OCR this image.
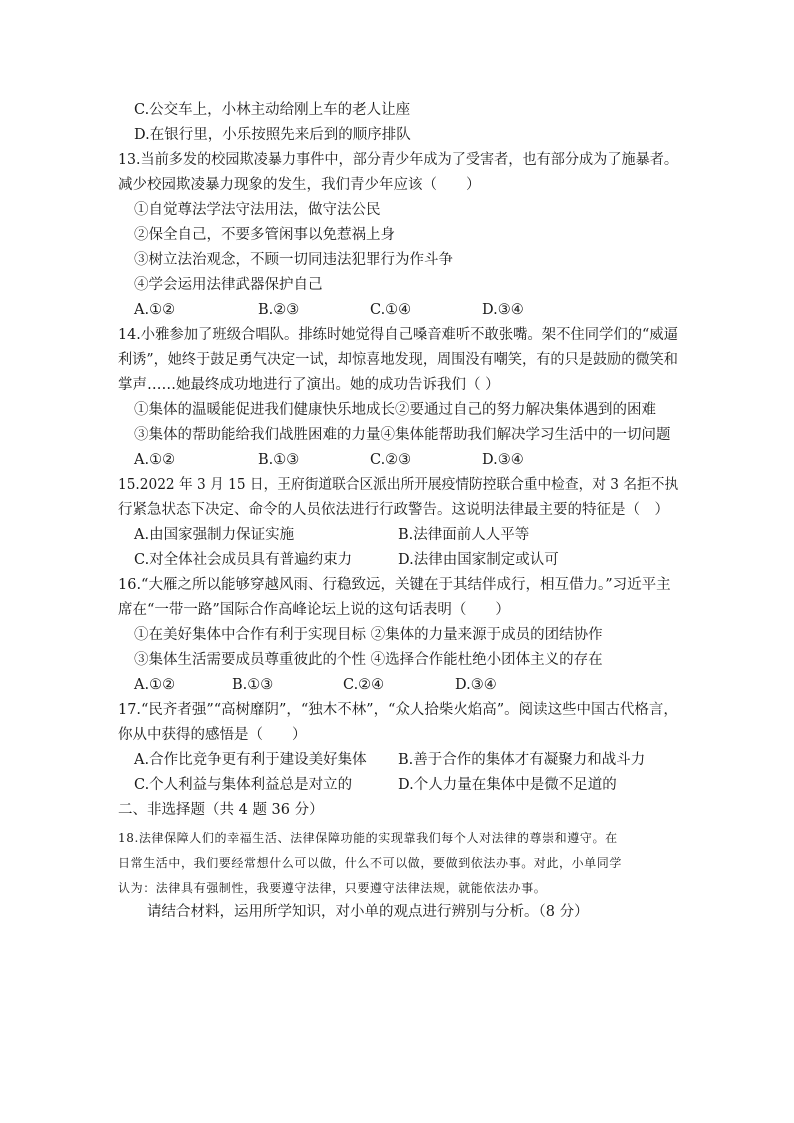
C.公交车上，小林主动给刚上车的老人让座
D.在银行里，小乐按照先来后到的顺序排队
13.当前多发的校园欺凌暴力事件中，部分青少年成为了受害者，也有部分成为了施暴者。
减少校园欺凌暴力现象的发生，我们青少年应该（　　）
①自觉尊法学法守法用法，做守法公民
②保全自己，不要多管闲事以免惹祸上身
③树立法治观念，不顾一切同违法犯罪行为作斗争
④学会运用法律武器保护自己
A.①②	B.②③	C.①④	D.③④
14.小雅参加了班级合唱队。排练时她觉得自己嗓音难听不敢张嘴。架不住同学们的“威逼
利诱”，她终于鼓足勇气决定一试，却惊喜地发现，周围没有嘲笑，有的只是鼓励的微笑和
掌声……她最终成功地进行了演出。她的成功告诉我们（ ）
①集体的温暖能促进我们健康快乐地成长②要通过自己的努力解决集体遇到的困难
③集体的帮助能给我们战胜困难的力量④集体能帮助我们解决学习生活中的一切问题
A.①②	B.①③	C.②③	D.③④
15.2022 年 3 月 15 日，王府街道联合区派出所开展疫情防控联合重中检查，对 3 名拒不执
行紧急状态下决定、命令的人员依法进行行政警告。这说明法律最主要的特征是（　）
A.由国家强制力保证实施	B.法律面前人人平等
C.对全体社会成员具有普遍约束力	D.法律由国家制定或认可
16.“大雁之所以能够穿越风雨、行稳致远，关键在于其结伴成行，相互借力。”习近平主
席在“一带一路”国际合作高峰论坛上说的这句话表明（　　）
①在美好集体中合作有利于实现目标 ②集体的力量来源于成员的团结协作
③集体生活需要成员尊重彼此的个性 ④选择合作能杜绝小团体主义的存在
A.①②	B.①③	C.②④	D.③④
17.“民齐者强”“高树靡阴”，“独木不林”，“众人拾柴火焰高”。阅读这些中国古代格言，
你从中获得的感悟是（　　）
A.合作比竞争更有利于建设美好集体 B.善于合作的集体才有凝聚力和战斗力
C.个人利益与集体利益总是对立的	D.个人力量在集体中是微不足道的
二、非选择题（共 4 题 36 分）
18.法律保障人们的幸福生活、法律保障功能的实现靠我们每个人对法律的尊崇和遵守。在
日常生活中，我们要经常想什么可以做，什么不可以做，要做到依法办事。对此，小单同学
认为：法律具有强制性，我要遵守法律，只要遵守法律法规，就能依法办事。
请结合材料，运用所学知识，对小单的观点进行辨别与分析。（8 分）
